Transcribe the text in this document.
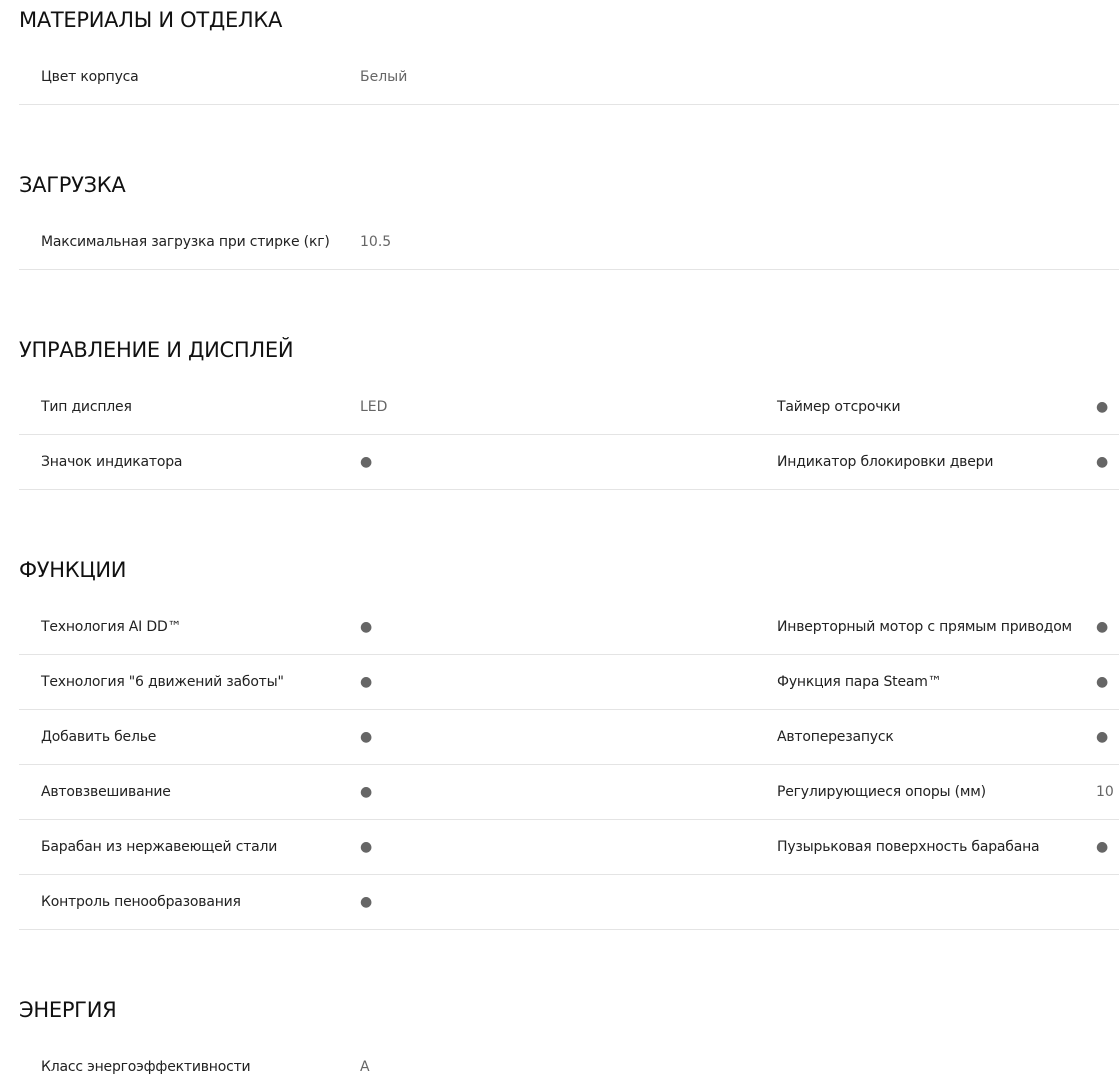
МАТЕРИАЛЫ И ОТДЕЛКА
Цвет корпуса	Белый
ЗАГРУЗКА
Максимальная загрузка при стирке (кг) 10.5
УПРАВЛЕНИЕ И ДИСПЛЕЙ
Тип дисплея	LED	Таймер отсрочки	●
Значок индикатора	●	Индикатор блокировки двери	●
ФУНКЦИИ
Технология AI DD™	●	Инверторный мотор с прямым приводом ●
Технология "6 движений заботы"	●	Функция пара Steam™	●
Добавить белье	●	Автоперезапуск	●
Автовзвешивание	●	Регулирующиеся опоры (мм)	10
Барабан из нержавеющей стали	●	Пузырьковая поверхность барабана	●
Контроль пенообразования	●
ЭНЕРГИЯ
Класс энергоэффективности	A
